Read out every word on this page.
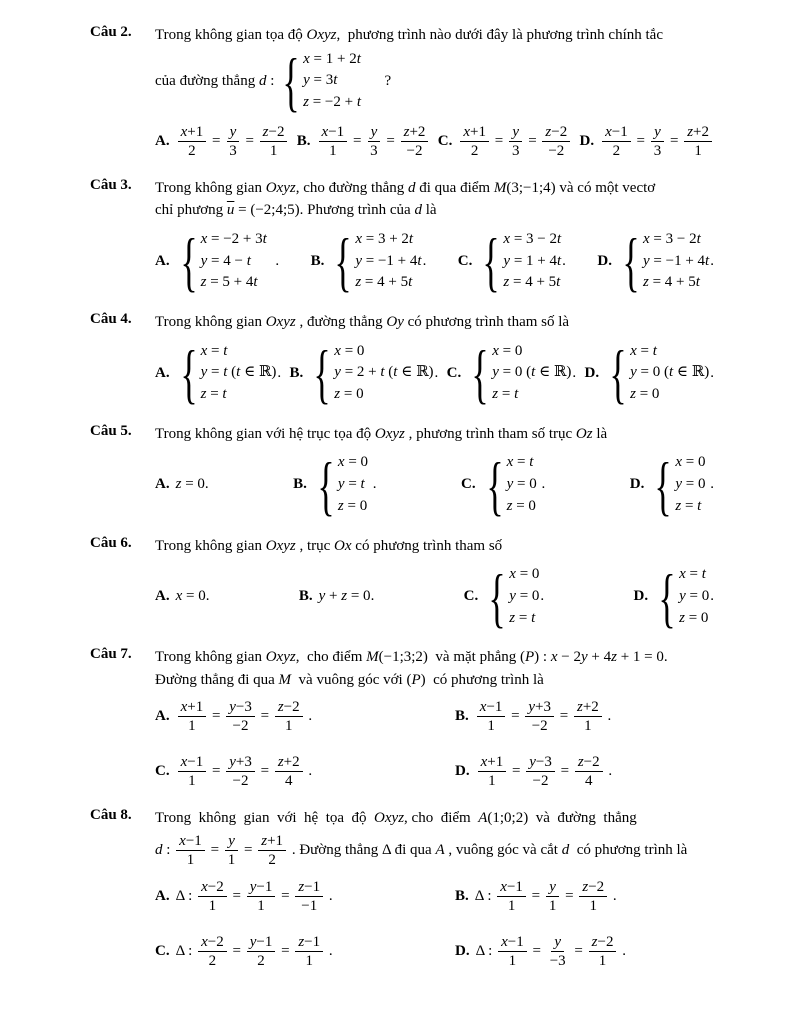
Câu 2. Trong không gian tọa độ Oxyz,  phương trình nào dưới đây là phương trình chính tắc
của đường thẳng d : { x = 1 + 2t
y = 3t
z = −2 + t
?
A. $\frac{x+1}{2} = \frac{y}{3} = \frac{z-2}{1} B$. $\frac{x-1}{1} = \frac{y}{3} = \frac{z+2}{-2} C$. $\frac{x+1}{2} = \frac{y}{3} = \frac{z-2}{-2} D$. $\frac{x-1}{2} = \frac{y}{3} = \frac{z+2}{1}$
Câu 3. Trong không gian Oxyz, cho đường thẳng d đi qua điểm M(3;−1;4) và có một vectơ
chỉ phương $\overline{u}$ = (−2;4;5). Phương trình của d là
A. { x = −2 + 3t
y = 4 − t
z = 5 + 4t
. B. { x = 3 + 2t
y = −1 + 4t
z = 4 + 5t
. C. { x = 3 − 2t
y = 1 + 4t
z = 4 + 5t
. D. { x = 3 − 2t
y = −1 + 4t
z = 4 + 5t
.
Câu 4. Trong không gian Oxyz , đường thẳng Oy có phương trình tham số là
A. { x = t
y = t (t ∈ ℝ)
z = t
. B. { x = 0
y = 2 + t (t ∈ ℝ)
z = 0
. C. { x = 0
y = 0 (t ∈ ℝ)
z = t
. D. { x = t
y = 0 (t ∈ ℝ)
z = 0
.
Câu 5. Trong không gian với hệ trục tọa độ Oxyz , phương trình tham số trục Oz là
A. z = 0 .	B. { x = 0
y = t
z = 0
.	C. { x = t
y = 0
z = 0
.	D. { x = 0
y = 0
z = t
.
Câu 6. Trong không gian Oxyz , trục Ox có phương trình tham số
A. x = 0 .	B. y + z = 0 .	C. { x = 0
y = 0
z = t
.	D. { x = t
y = 0
z = 0
.
Câu 7. Trong không gian Oxyz,  cho điểm M(−1;3;2)  và mặt phẳng (P) : x − 2y + 4z + 1 = 0.
Đường thẳng đi qua M  và vuông góc với (P)  có phương trình là
A. $\frac{x+1}{1} = \frac{y-3}{-2} = \frac{z-2}{1}$ .	B. $\frac{x-1}{1} = \frac{y+3}{-2} = \frac{z+2}{1}$ .
C. $\frac{x-1}{1} = \frac{y+3}{-2} = \frac{z+2}{4}$ .	D. $\frac{x+1}{1} = \frac{y-3}{-2} = \frac{z-2}{4}$ .
Câu 8. Trong  không  gian  với  hệ  tọa  độ  Oxyz, cho  điểm  A(1;0;2)  và  đường  thẳng
d : $\frac{x-1}{1} = \frac{y}{1} = \frac{z+1}{2}$ . Đường thẳng Δ đi qua A , vuông góc và cắt d  có phương trình là
A. Δ : $\frac{x-2}{1} = \frac{y-1}{1} = \frac{z-1}{-1}$ .	B. Δ : $\frac{x-1}{1} = \frac{y}{1} = \frac{z-2}{1}$ .
C. Δ : $\frac{x-2}{2} = \frac{y-1}{2} = \frac{z-1}{1}$ .	D. Δ : $\frac{x-1}{1} = \frac{y}{-3} = \frac{z-2}{1}$ .
